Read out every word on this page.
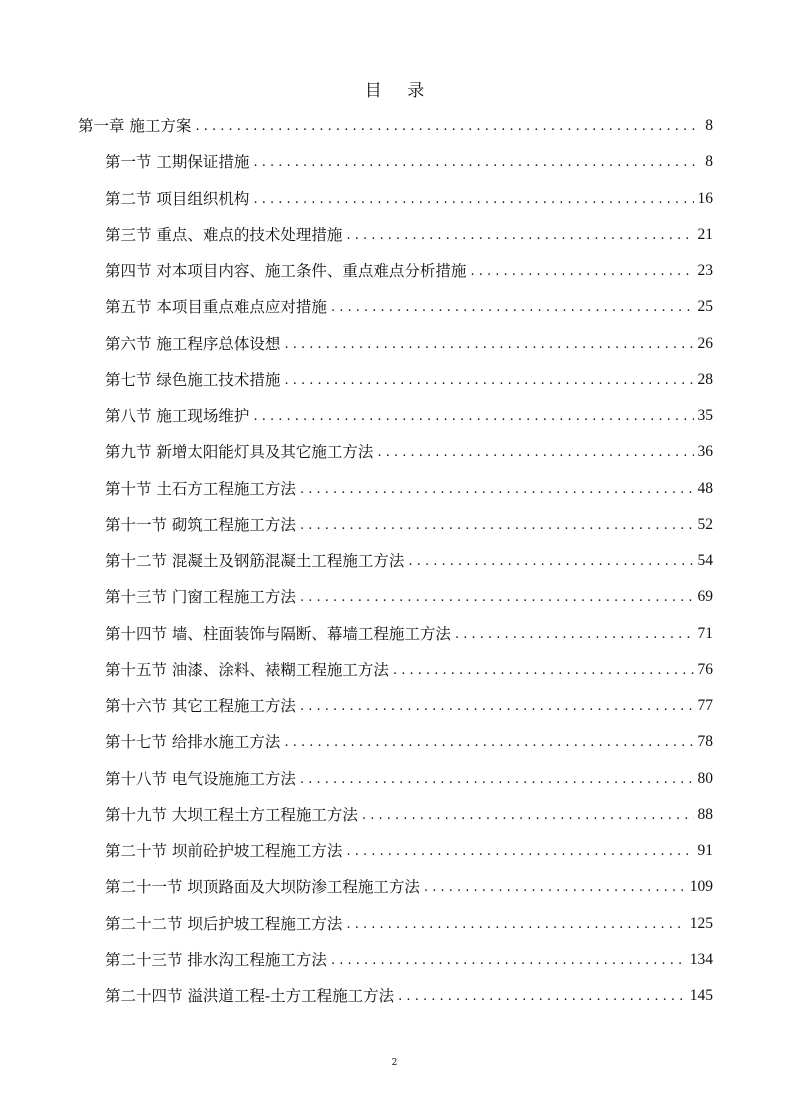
目 录
第一章 施工方案 . . .	8
第一节 工期保证措施 . . .	8
第二节 项目组织机构 . . .	16
第三节 重点、难点的技术处理措施 . . .	21
第四节 对本项目内容、施工条件、重点难点分析措施 . . .	23
第五节 本项目重点难点应对措施 . . .	25
第六节 施工程序总体设想 . . .	26
第七节 绿色施工技术措施 . . .	28
第八节 施工现场维护 . . .	35
第九节 新增太阳能灯具及其它施工方法 . . .	36
第十节 土石方工程施工方法 . . .	48
第十一节 砌筑工程施工方法 . . .	52
第十二节 混凝土及钢筋混凝土工程施工方法 . . .	54
第十三节 门窗工程施工方法 . . .	69
第十四节 墙、柱面装饰与隔断、幕墙工程施工方法 . . .	71
第十五节 油漆、涂料、裱糊工程施工方法 . . .	76
第十六节 其它工程施工方法 . . .	77
第十七节 给排水施工方法 . . .	78
第十八节 电气设施施工方法 . . .	80
第十九节 大坝工程土方工程施工方法 . . .	88
第二十节 坝前砼护坡工程施工方法 . . .	91
第二十一节 坝顶路面及大坝防渗工程施工方法 . . .	109
第二十二节 坝后护坡工程施工方法 . . .	125
第二十三节 排水沟工程施工方法 . . .	134
第二十四节 溢洪道工程-土方工程施工方法 . . .	145
2
